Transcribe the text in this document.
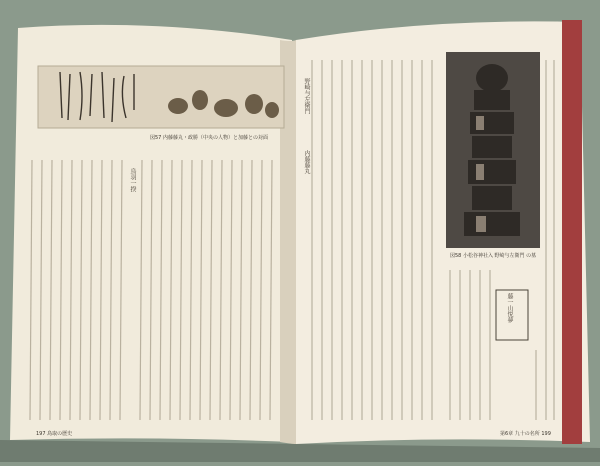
図57 内藤藤丸・政勝（中央の人物）と加藤との対面
197 鳥取の歴史
鳥羽一揆
図58 小松谷神社入 野崎与左衛門 の墓
第6章 九十の名所 199
野崎与左衛門
内藤藤丸
藤一山悦夢
